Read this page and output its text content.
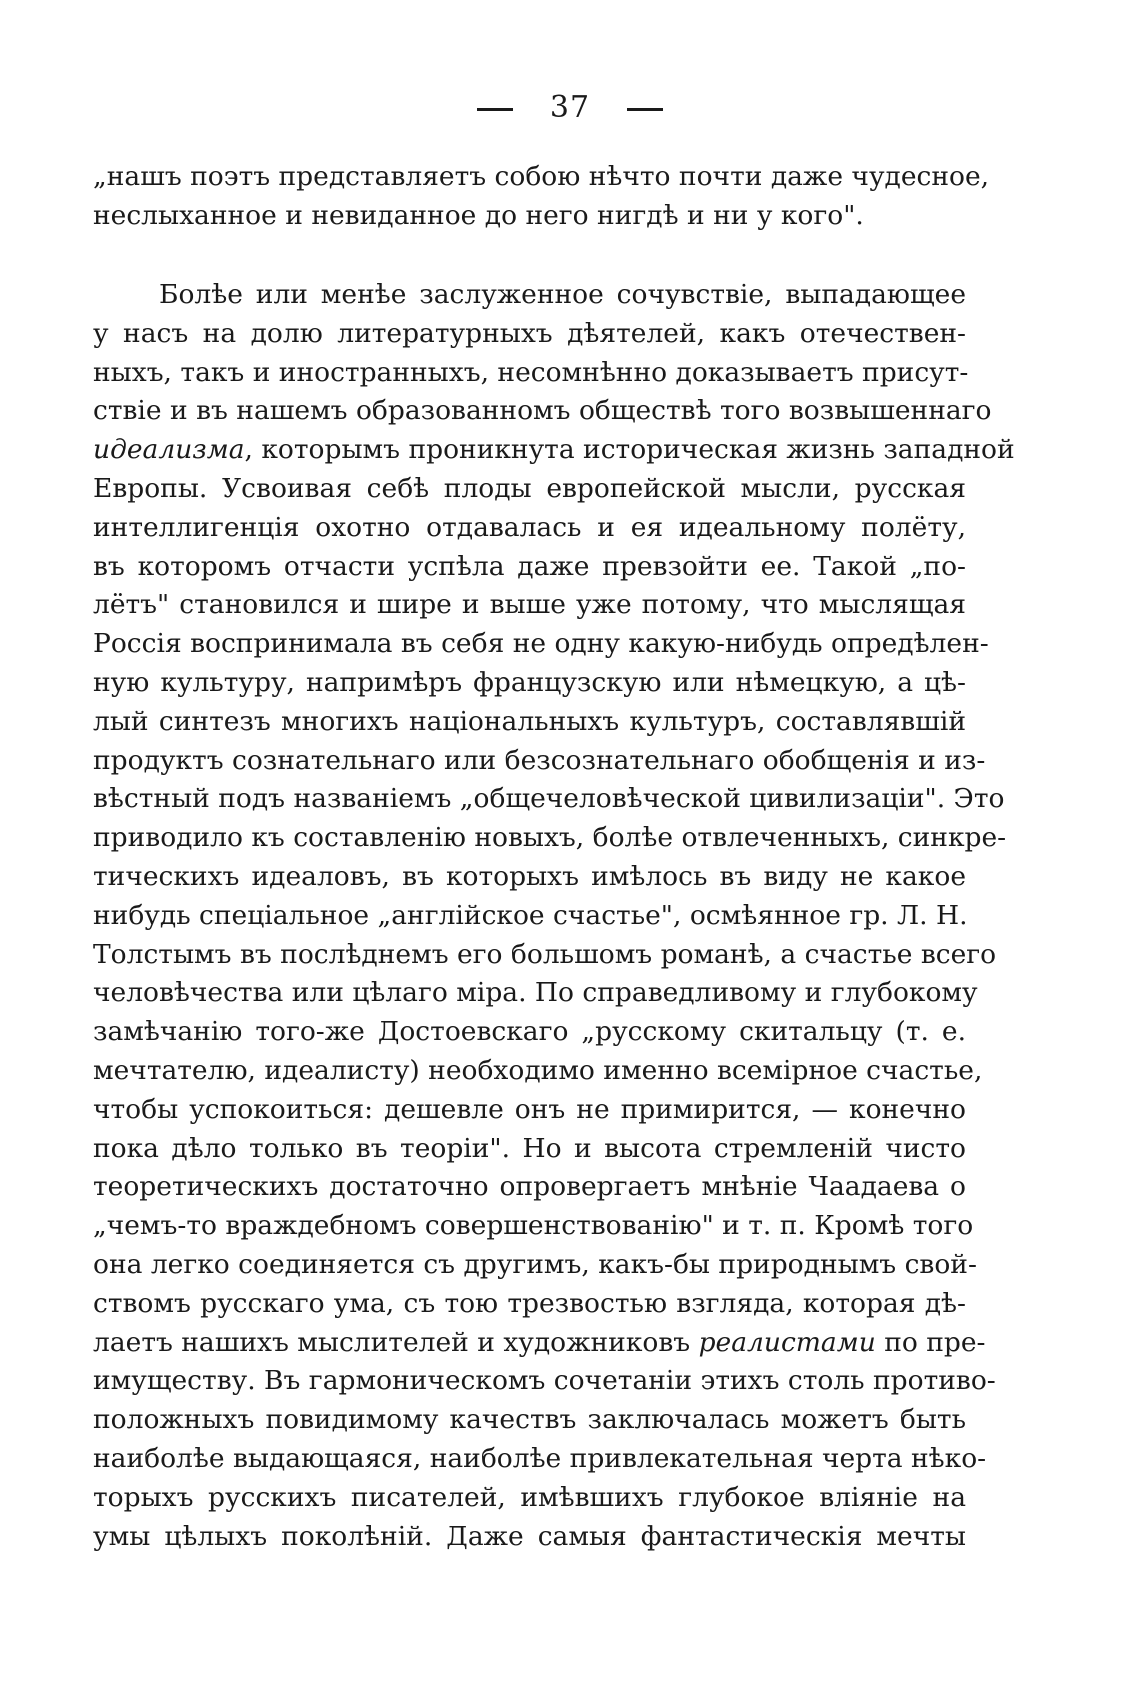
37
„нашъ поэтъ представляетъ собою нѣчто почти даже чудесное,
неслыханное и невиданное до него нигдѣ и ни у кого".
Болѣе или менѣе заслуженное сочувствіе, выпадающее
у насъ на долю литературныхъ дѣятелей, какъ отечествен-
ныхъ, такъ и иностранныхъ, несомнѣнно доказываетъ присут-
ствіе и въ нашемъ образованномъ обществѣ того возвышеннаго
идеализма, которымъ проникнута историческая жизнь западной
Европы. Усвоивая себѣ плоды европейской мысли, русская
интеллигенція охотно отдавалась и ея идеальному полёту,
въ которомъ отчасти успѣла даже превзойти ее. Такой „по-
лётъ" становился и шире и выше уже потому, что мыслящая
Россія воспринимала въ себя не одну какую-нибудь опредѣлен-
ную культуру, напримѣръ французскую или нѣмецкую, а цѣ-
лый синтезъ многихъ національныхъ культуръ, составлявшій
продуктъ сознательнаго или безсознательнаго обобщенія и из-
вѣстный подъ названіемъ „общечеловѣческой цивилизаціи". Это
приводило къ составленію новыхъ, болѣе отвлеченныхъ, синкре-
тическихъ идеаловъ, въ которыхъ имѣлось въ виду не какое
нибудь спеціальное „англійское счастье", осмѣянное гр. Л. Н.
Толстымъ въ послѣднемъ его большомъ романѣ, а счастье всего
человѣчества или цѣлаго міра. По справедливому и глубокому
замѣчанію того-же Достоевскаго „русскому скитальцу (т. е.
мечтателю, идеалисту) необходимо именно всемірное счастье,
чтобы успокоиться: дешевле онъ не примирится, — конечно
пока дѣло только въ теоріи". Но и высота стремленій чисто
теоретическихъ достаточно опровергаетъ мнѣніе Чаадаева о
„чемъ-то враждебномъ совершенствованію" и т. п. Кромѣ того
она легко соединяется съ другимъ, какъ-бы природнымъ свой-
ствомъ русскаго ума, съ тою трезвостью взгляда, которая дѣ-
лаетъ нашихъ мыслителей и художниковъ реалистами по пре-
имуществу. Въ гармоническомъ сочетаніи этихъ столь противо-
положныхъ повидимому качествъ заключалась можетъ быть
наиболѣе выдающаяся, наиболѣе привлекательная черта нѣко-
торыхъ русскихъ писателей, имѣвшихъ глубокое вліяніе на
умы цѣлыхъ поколѣній. Даже самыя фантастическія мечты
